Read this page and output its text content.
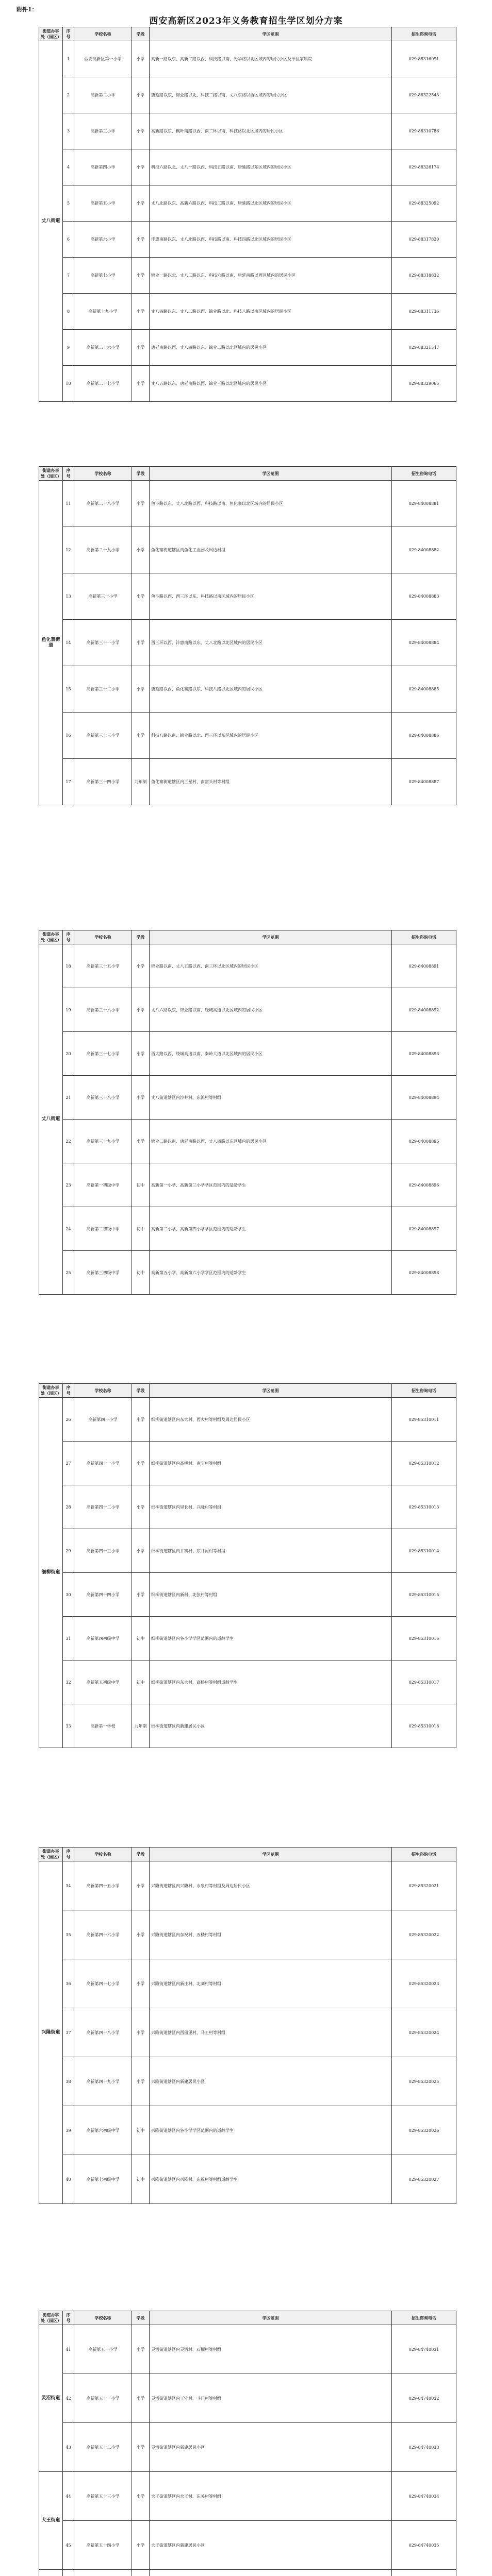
附件1：
西安高新区2023年义务教育招生学区划分方案
街道办事处（园区）	序号	学校名称	学段	学区范围	招生咨询电话
丈八街道	1	西安高新区第一小学	小学	高新一路以东、高新二路以西、科技路以南、光华路以北区域内的居民小区及单位家属院	029-88316091
	2	高新第二小学	小学	唐延路以东、锦业路以北、科技二路以南、丈八东路以西区域内的居民小区	029-88322543
	3	高新第三小学	小学	高新路以东、枫叶南路以西、南二环以南、科技路以北区域内的居民小区	029-88310786
	4	高新第四小学	小学	科技六路以北、丈八一路以西、科技五路以南、唐延路以东区域内的居民小区	029-88326174
	5	高新第五小学	小学	丈八北路以东、高新六路以西、科技二路以南、唐延路以北区域内的居民小区	029-88325092
	6	高新第六小学	小学	沣惠南路以东、丈八北路以西、科技路以南、科技四路以北区域内的居民小区	029-88317820
	7	高新第七小学	小学	锦业一路以北、丈八二路以东、科技六路以南、唐延南路以西区域内的居民小区	029-88318832
	8	高新第十九小学	小学	丈八四路以东、丈八二路以西、锦业路以北、科技八路以南区域内的居民小区	029-88311736
	9	高新第二十六小学	小学	唐延南路以西、丈八四路以东、锦业二路以北区域内的居民小区	029-88321547
	10	高新第二十七小学	小学	丈八五路以东、唐延南路以西、锦业三路以北区域内的居民小区	029-88329065
街道办事处（园区）	序号	学校名称	学段	学区范围	招生咨询电话
鱼化寨街道	11	高新第二十八小学	小学	鱼斗路以东、丈八北路以西、科技路以南、鱼化寨以北区域内的居民小区	029-84008881
	12	高新第二十九小学	小学	鱼化寨街道辖区内鱼化工业园及周边村组	029-84008882
	13	高新第三十小学	小学	鱼斗路以西、西三环以东、科技路以南区域内的居民小区	029-84008883
	14	高新第三十一小学	小学	西三环以西、沣惠南路以东、丈八北路以北区域内的居民小区	029-84008884
	15	高新第三十二小学	小学	唐延路以西、鱼化寨路以东、科技八路以北区域内的居民小区	029-84008885
	16	高新第三十三小学	小学	科技八路以南、锦业路以北、西三环以东区域内的居民小区	029-84008886
	17	高新第三十四小学	九年制	鱼化寨街道辖区内三星村、南窑头村等村组	029-84008887
街道办事处（园区）	序号	学校名称	学段	学区范围	招生咨询电话
丈八街道	18	高新第三十五小学	小学	锦业路以南、丈八五路以西、南三环以北区域内的居民小区	029-84008891
	19	高新第三十六小学	小学	丈八六路以东、锦业路以南、绕城高速以北区域内的居民小区	029-84008892
	20	高新第三十七小学	小学	西太路以西、绕城高速以南、秦岭大道以北区域内的居民小区	029-84008893
	21	高新第三十八小学	小学	丈八街道辖区内沙井村、东滩村等村组	029-84008894
	22	高新第三十九小学	小学	锦业二路以南、唐延南路以西、丈八四路以东区域内的居民小区	029-84008895
	23	高新第一初级中学	初中	高新第一小学、高新第三小学学区范围内的适龄学生	029-84008896
	24	高新第二初级中学	初中	高新第二小学、高新第四小学学区范围内的适龄学生	029-84008897
	25	高新第三初级中学	初中	高新第五小学、高新第六小学学区范围内的适龄学生	029-84008898
街道办事处（园区）	序号	学校名称	学段	学区范围	招生咨询电话
细柳街道	26	高新第四十小学	小学	细柳街道辖区内东大村、西大村等村组及周边居民小区	029-85310011
	27	高新第四十一小学	小学	细柳街道辖区内高桥村、南宁村等村组	029-85310012
	28	高新第四十二小学	小学	细柳街道辖区内里长村、兴隆村等村组	029-85310013
	29	高新第四十三小学	小学	细柳街道辖区内甘寨村、东甘河村等村组	029-85310014
	30	高新第四十四小学	小学	细柳街道辖区内新村、北张村等村组	029-85310015
	31	高新第四初级中学	初中	细柳街道辖区内各小学学区范围内的适龄学生	029-85310016
	32	高新第五初级中学	初中	细柳街道辖区内东大村、高桥村等村组适龄学生	029-85310017
	33	高新第一学校	九年制	细柳街道辖区内新建居民小区	029-85310018
街道办事处（园区）	序号	学校名称	学段	学区范围	招生咨询电话
兴隆街道	34	高新第四十五小学	小学	兴隆街道辖区内兴隆村、水泉村等村组及周边居民小区	029-85320021
	35	高新第四十六小学	小学	兴隆街道辖区内东祝村、五楼村等村组	029-85320022
	36	高新第四十七小学	小学	兴隆街道辖区内新庄村、北刘村等村组	029-85320023
	37	高新第四十八小学	小学	兴隆街道辖区内西留堡村、马王村等村组	029-85320024
	38	高新第四十九小学	小学	兴隆街道辖区内新建居民小区	029-85320025
	39	高新第六初级中学	初中	兴隆街道辖区内各小学学区范围内的适龄学生	029-85320026
	40	高新第七初级中学	初中	兴隆街道辖区内兴隆村、东祝村等村组适龄学生	029-85320027
街道办事处（园区）	序号	学校名称	学段	学区范围	招生咨询电话
灵沼街道	41	高新第五十小学	小学	灵沼街道辖区内灵沼村、石榴村等村组	029-84740031
	42	高新第五十一小学	小学	灵沼街道辖区内王守村、斗门村等村组	029-84740032
	43	高新第五十二小学	小学	灵沼街道辖区内新建居民小区	029-84740033
大王街道	44	高新第五十三小学	小学	大王街道辖区内大王村、东关村等村组	029-84740034
	45	高新第五十四小学	小学	大王街道辖区内新建居民小区	029-84740035
